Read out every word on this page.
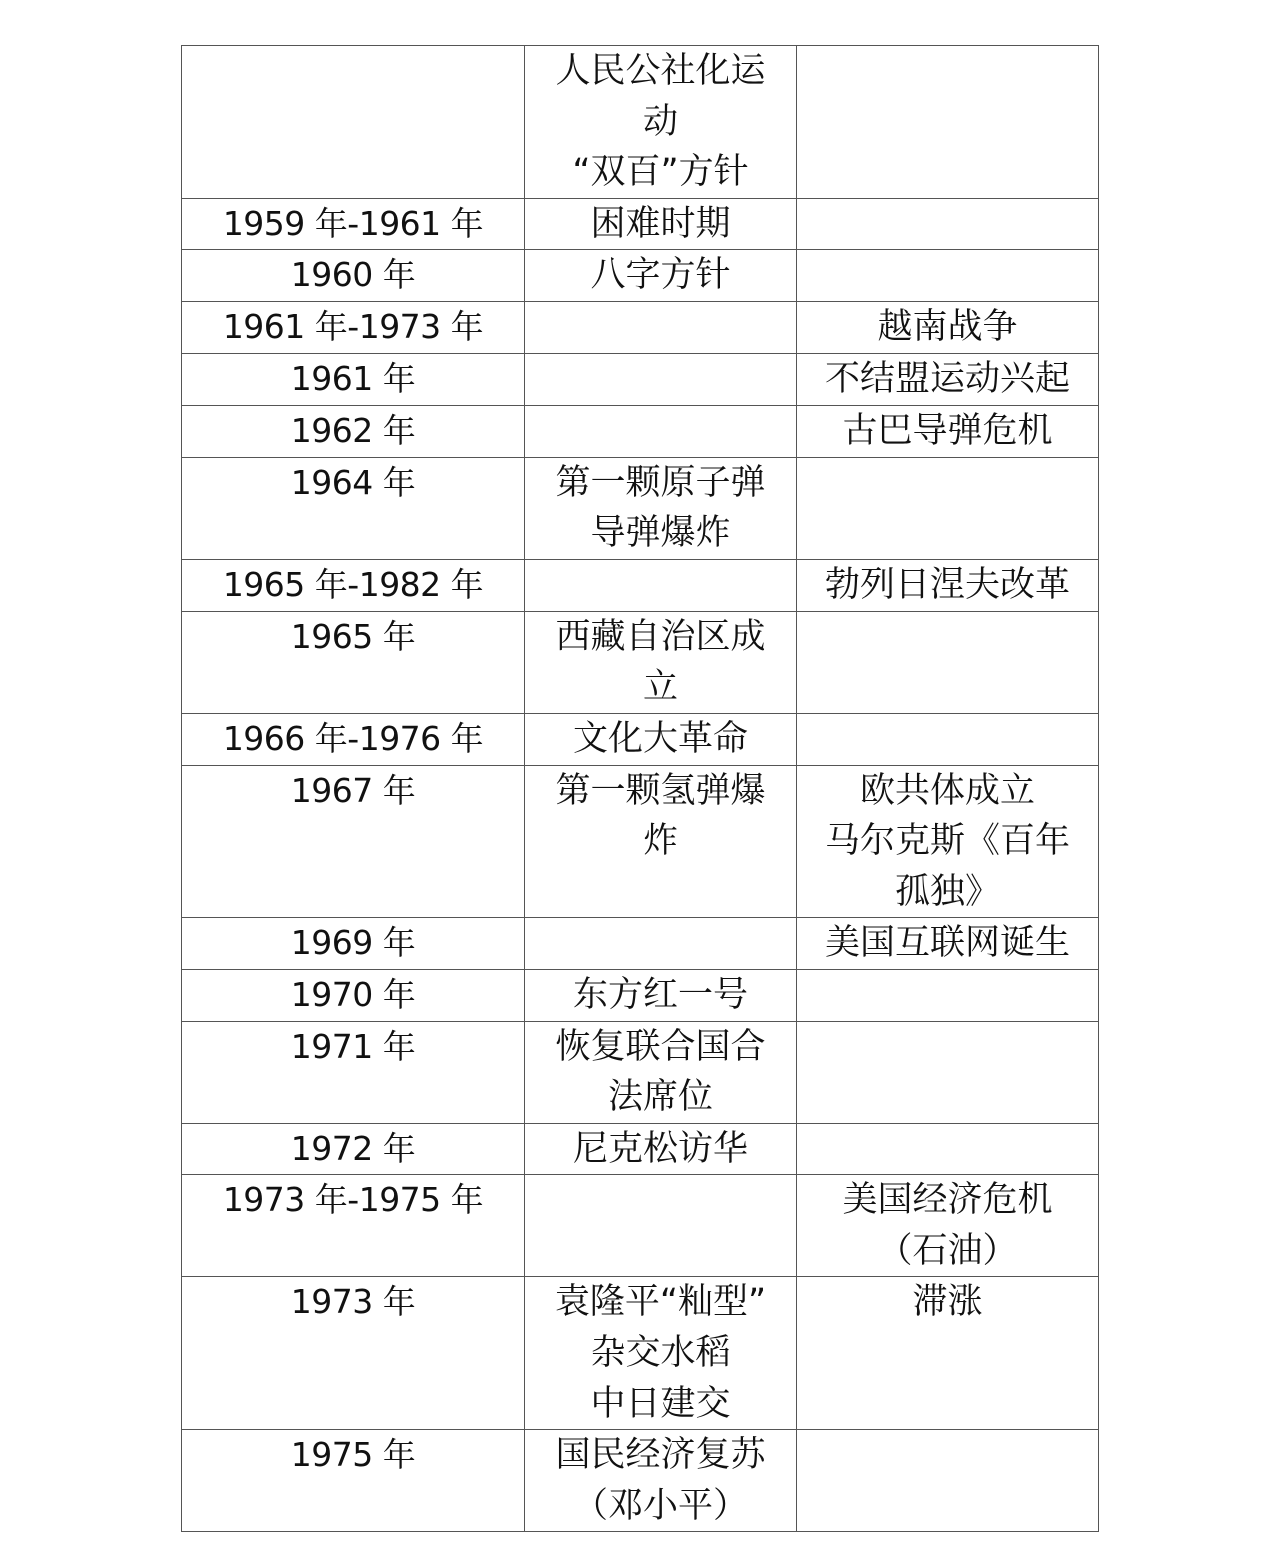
	人民公社化运
动
“双百”方针	

1959 年-1961 年	困难时期	

1960 年	八字方针	

1961 年-1973 年		越南战争

1961 年		不结盟运动兴起

1962 年		古巴导弹危机

1964 年	第一颗原子弹
导弹爆炸	

1965 年-1982 年		勃列日涅夫改革

1965 年	西藏自治区成
立	

1966 年-1976 年	文化大革命	

1967 年	第一颗氢弹爆
炸	欧共体成立
马尔克斯《百年
孤独》

1969 年		美国互联网诞生

1970 年	东方红一号	

1971 年	恢复联合国合
法席位	

1972 年	尼克松访华	

1973 年-1975 年		美国经济危机
（石油）

1973 年	袁隆平“籼型”
杂交水稻
中日建交	滞涨

1975 年	国民经济复苏
（邓小平）	
